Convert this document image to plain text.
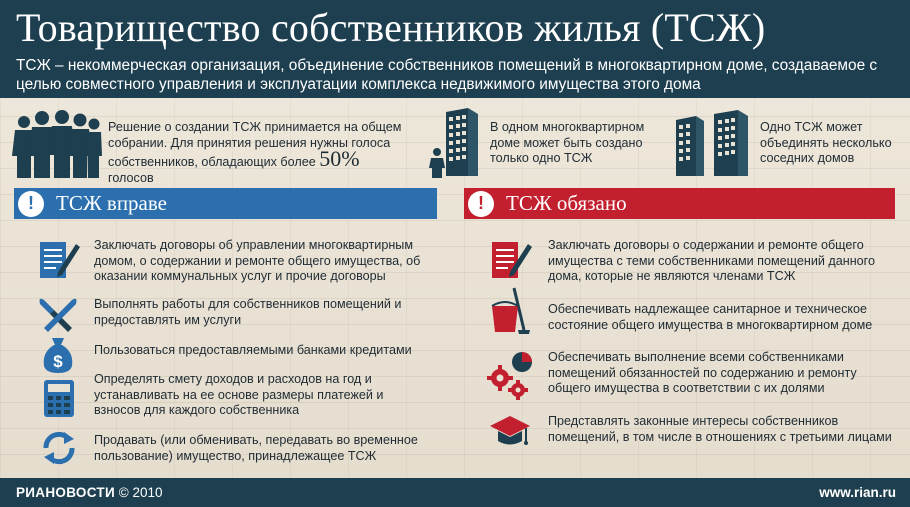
Товарищество собственников жилья (ТСЖ)
ТСЖ – некоммерческая организация, объединение собственников помещений в многоквартирном доме, создаваемое с целью совместного управления и эксплуатации комплекса недвижимого имущества этого дома
Решение о создании ТСЖ принимается на общем собрании. Для принятия решения нужны голоса собственников, обладающих более 50% голосов
В одном многоквартирном доме может быть создано только одно ТСЖ
Одно ТСЖ может объединять несколько соседних домов
!	ТСЖ вправе	!	ТСЖ обязано
Заключать договоры об управлении многоквартирным домом, о содержании и ремонте общего имущества, об оказании коммунальных услуг и прочие договоры
Выполнять работы для собственников помещений и предоставлять им услуги
$
Пользоваться предоставляемыми банками кредитами
Определять смету доходов и расходов на год и устанавливать на ее основе размеры платежей и взносов для каждого собственника
Продавать (или обменивать, передавать во временное пользование) имущество, принадлежащее ТСЖ
Заключать договоры о содержании и ремонте общего имущества с теми собственниками помещений данного дома, которые не являются членами ТСЖ
Обеспечивать надлежащее санитарное и техническое состояние общего имущества в многоквартирном доме
Обеспечивать выполнение всеми собственниками помещений обязанностей по содержанию и ремонту общего имущества в соответствии с их долями
Представлять законные интересы собственников помещений, в том числе в отношениях с третьими лицами
РИАНОВОСТИ © 2010	www.rian.ru
